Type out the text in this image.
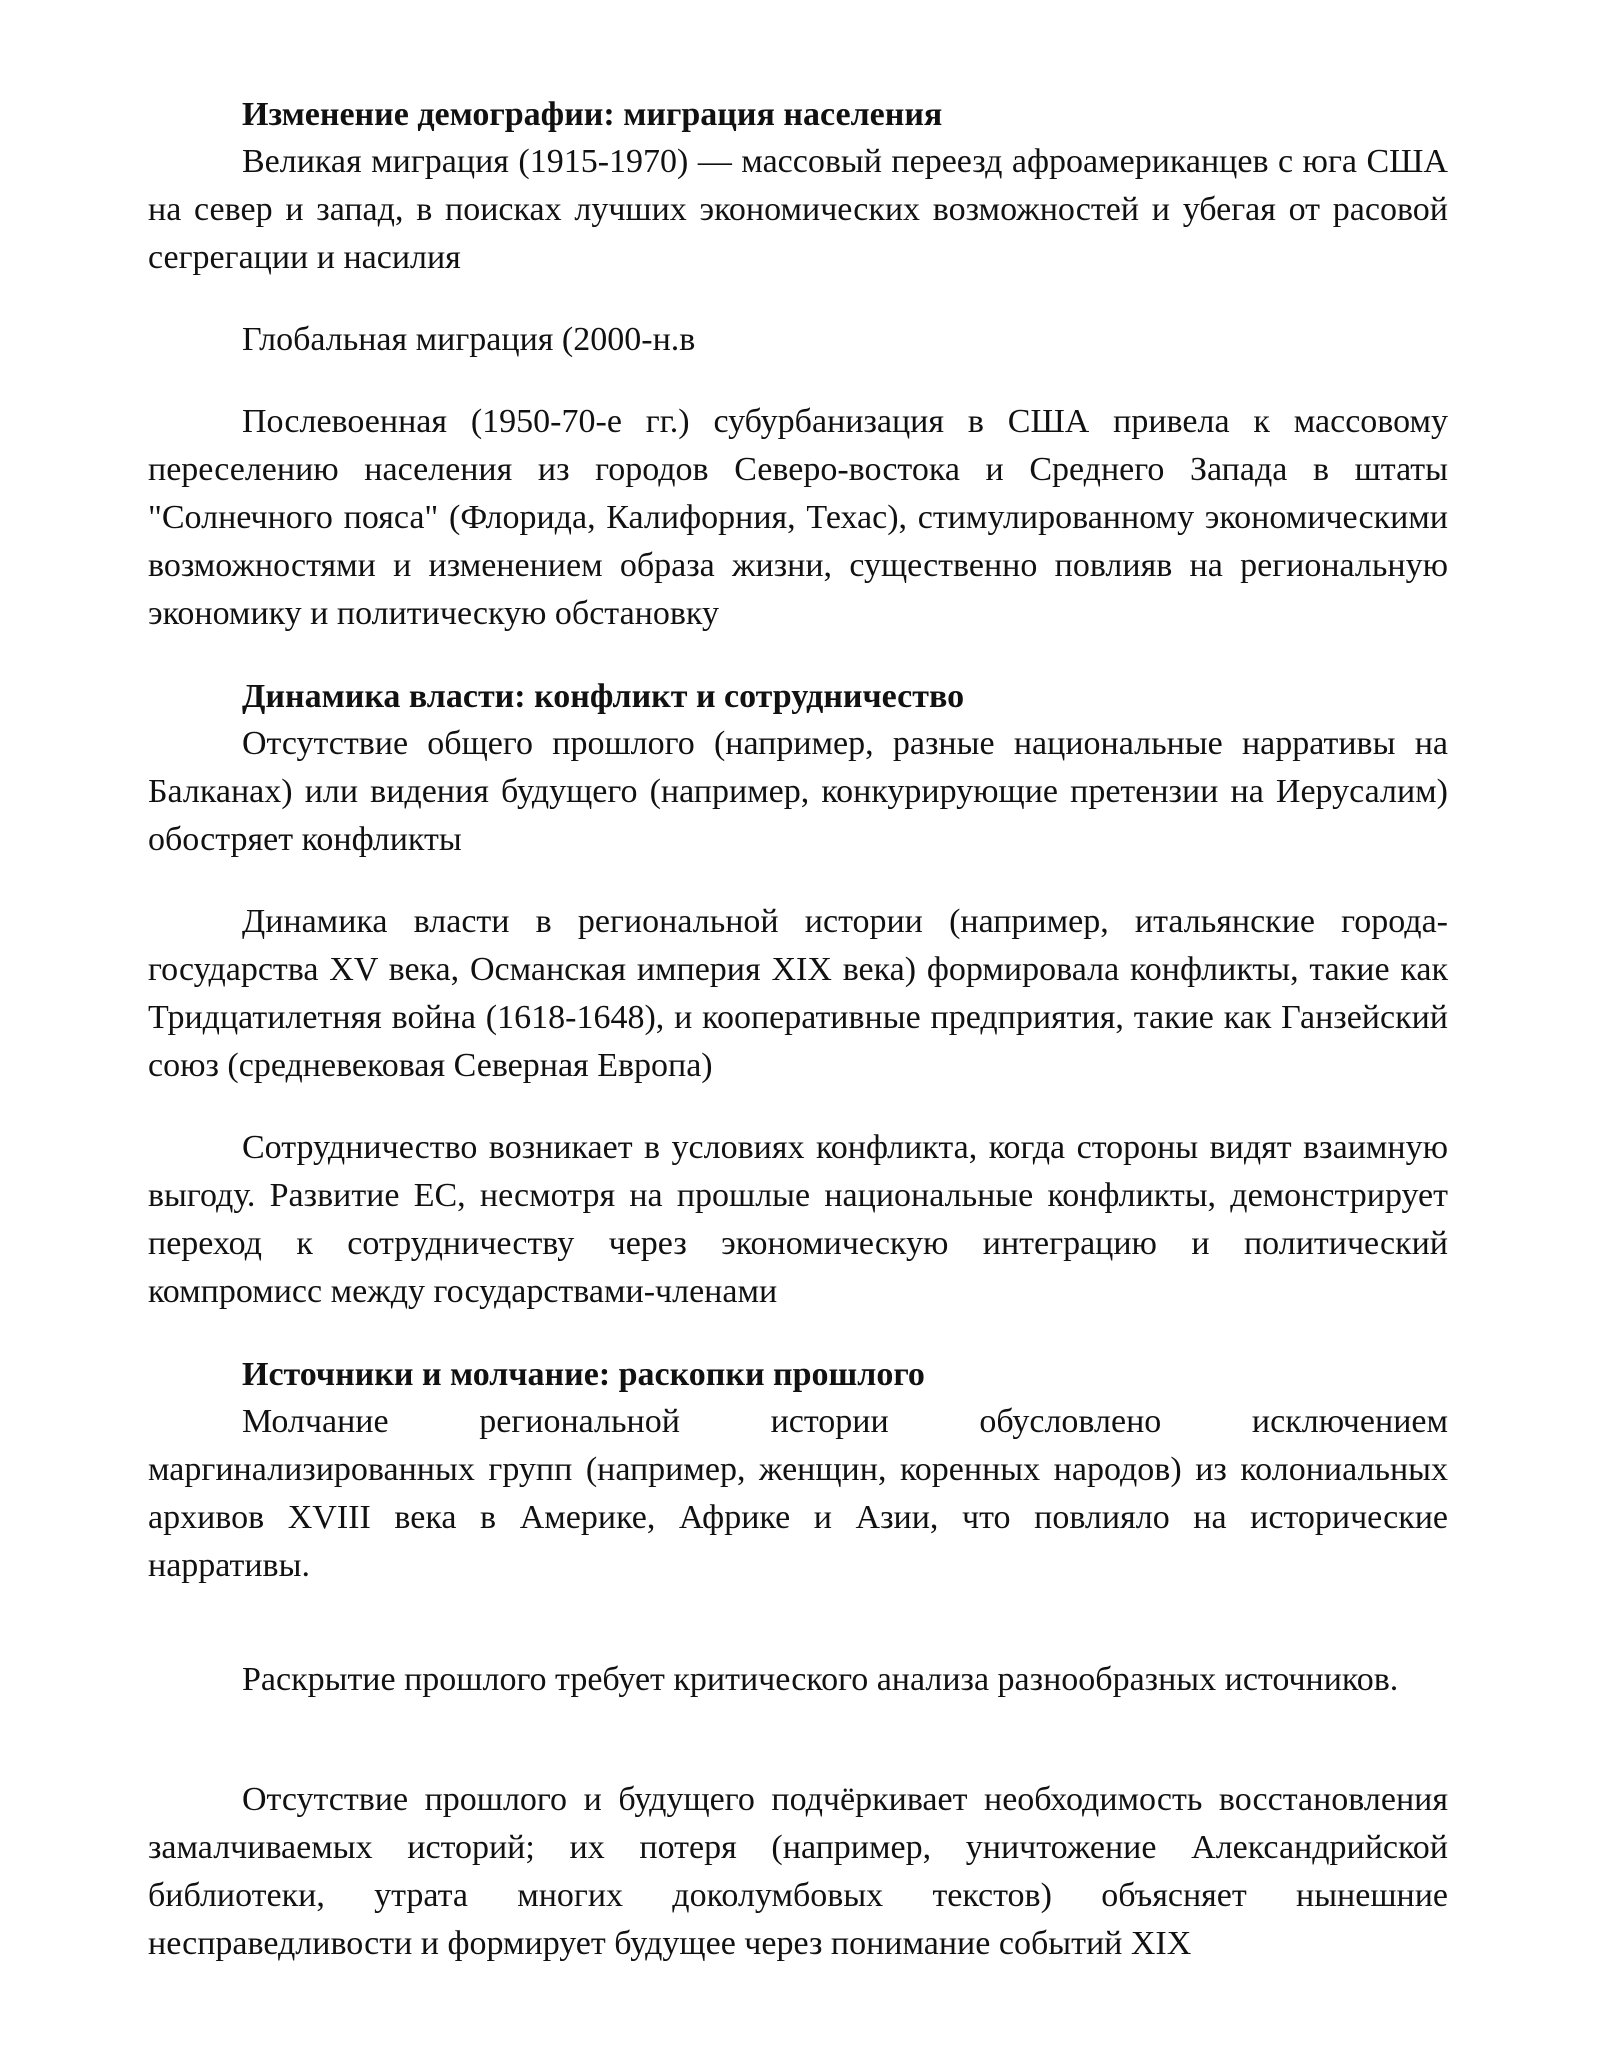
Изменение демографии: миграция населения

Великая миграция (1915-1970) — массовый переезд афроамериканцев с юга США на север и запад, в поисках лучших экономических возможностей и убегая от расовой сегрегации и насилия

Глобальная миграция (2000-н.в

Послевоенная (1950-70-е гг.) субурбанизация в США привела к массовому переселению населения из городов Северо-востока и Среднего Запада в штаты "Солнечного пояса" (Флорида, Калифорния, Техас), стимулированному экономическими возможностями и изменением образа жизни, существенно повлияв на региональную экономику и политическую обстановку

Динамика власти: конфликт и сотрудничество

Отсутствие общего прошлого (например, разные национальные нарративы на Балканах) или видения будущего (например, конкурирующие претензии на Иерусалим) обостряет конфликты

Динамика власти в региональной истории (например, итальянские города-государства XV века, Османская империя XIX века) формировала конфликты, такие как Тридцатилетняя война (1618-1648), и кооперативные предприятия, такие как Ганзейский союз (средневековая Северная Европа)

Сотрудничество возникает в условиях конфликта, когда стороны видят взаимную выгоду. Развитие ЕС, несмотря на прошлые национальные конфликты, демонстрирует переход к сотрудничеству через экономическую интеграцию и политический компромисс между государствами-членами

Источники и молчание: раскопки прошлого

Молчание региональной истории обусловлено исключением маргинализированных групп (например, женщин, коренных народов) из колониальных архивов XVIII века в Америке, Африке и Азии, что повлияло на исторические нарративы.

Раскрытие прошлого требует критического анализа разнообразных источников.

Отсутствие прошлого и будущего подчёркивает необходимость восстановления замалчиваемых историй; их потеря (например, уничтожение Александрийской библиотеки, утрата многих доколумбовых текстов) объясняет нынешние несправедливости и формирует будущее через понимание событий XIX
